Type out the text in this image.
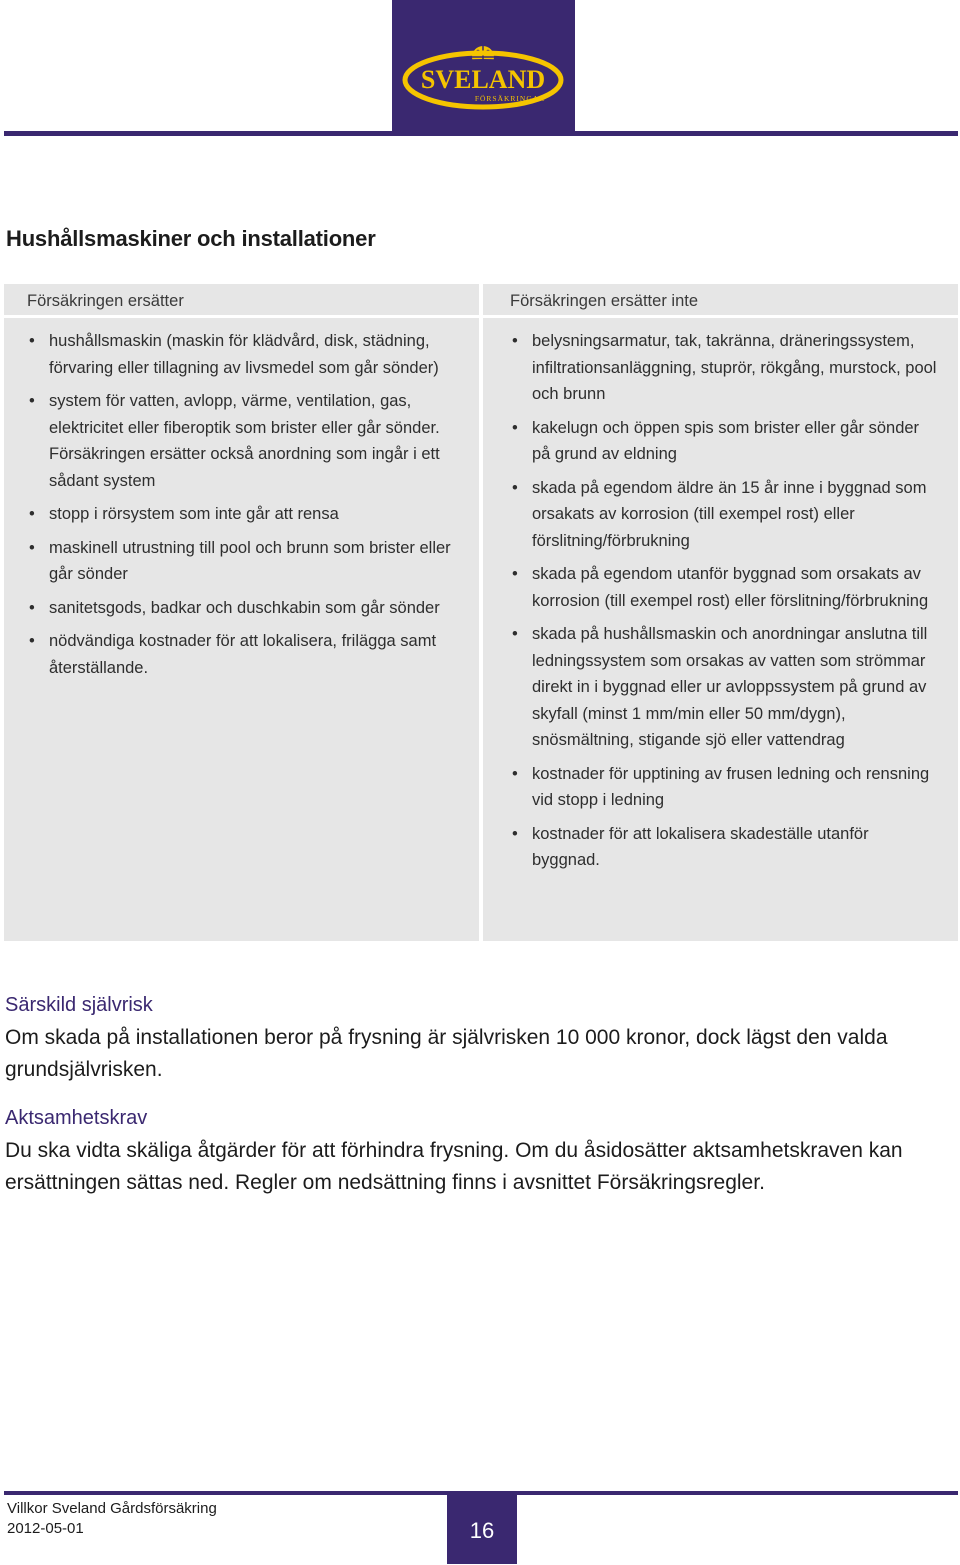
SVELAND
FÖRSÄKRINGAR
Hushållsmaskiner och installationer
Försäkringen ersätter
• hushållsmaskin (maskin för klädvård, disk, städning, förvaring eller tillagning av livsmedel som går sönder)
• system för vatten, avlopp, värme, ventilation, gas, elektricitet eller fiberoptik som brister eller går sönder. Försäkringen ersätter också anordning som ingår i ett sådant system
• stopp i rörsystem som inte går att rensa
• maskinell utrustning till pool och brunn som brister eller går sönder
• sanitetsgods, badkar och duschkabin som går sönder
• nödvändiga kostnader för att lokalisera, frilägga samt återställande.
Försäkringen ersätter inte
• belysningsarmatur, tak, takränna, dräneringssystem, infiltrationsanläggning, stuprör, rökgång, murstock, pool och brunn
• kakelugn och öppen spis som brister eller går sönder på grund av eldning
• skada på egendom äldre än 15 år inne i byggnad som orsakats av korrosion (till exempel rost) eller förslitning/förbrukning
• skada på egendom utanför byggnad som orsakats av korrosion (till exempel rost) eller förslitning/förbrukning
• skada på hushållsmaskin och anordningar anslutna till ledningssystem som orsakas av vatten som strömmar direkt in i byggnad eller ur avloppssystem på grund av skyfall (minst 1 mm/min eller 50 mm/dygn), snösmältning, stigande sjö eller vattendrag
• kostnader för upptining av frusen ledning och rensning vid stopp i ledning
• kostnader för att lokalisera skadeställe utanför byggnad.
Särskild självrisk

Om skada på installationen beror på frysning är självrisken 10 000 kronor, dock lägst den valda grundsjälvrisken.

Aktsamhetskrav

Du ska vidta skäliga åtgärder för att förhindra frysning. Om du åsidosätter aktsamhetskraven kan ersättningen sättas ned. Regler om nedsättning finns i avsnittet Försäkringsregler.

Villkor Sveland Gårdsförsäkring
2012-05-01	16
